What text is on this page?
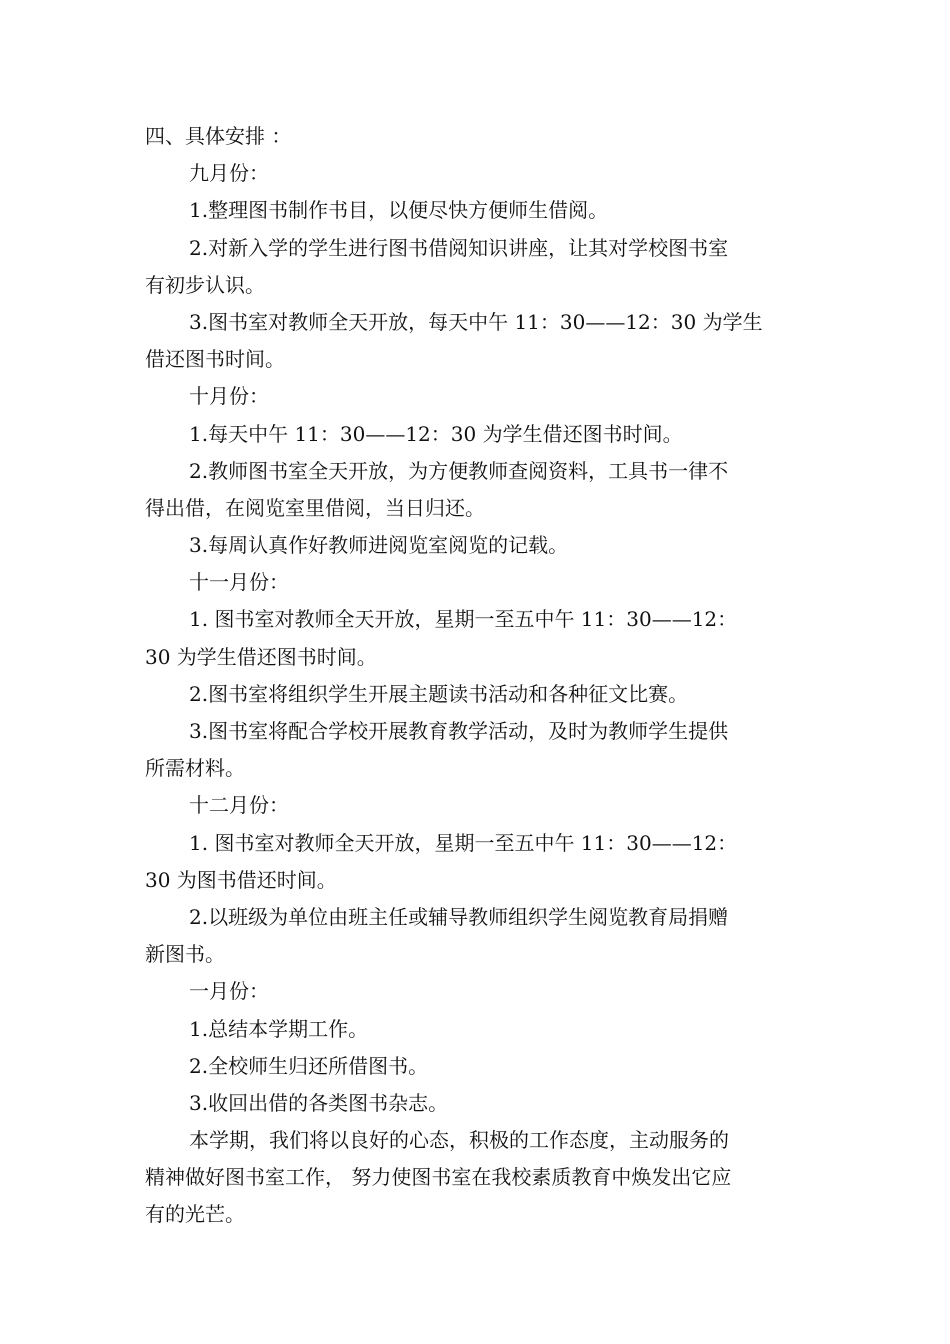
四、具体安排 ：
九月份：
1.整理图书制作书目，以便尽快方便师生借阅。
2.对新入学的学生进行图书借阅知识讲座，让其对学校图书室
有初步认识。
3.图书室对教师全天开放，每天中午 11：30——12：30 为学生
借还图书时间。
十月份：
1.每天中午 11：30——12：30 为学生借还图书时间。
2.教师图书室全天开放，为方便教师查阅资料，工具书一律不
得出借，在阅览室里借阅，当日归还。
3.每周认真作好教师进阅览室阅览的记载。
十一月份：
1. 图书室对教师全天开放，星期一至五中午 11：30——12：
30 为学生借还图书时间。
2.图书室将组织学生开展主题读书活动和各种征文比赛。
3.图书室将配合学校开展教育教学活动，及时为教师学生提供
所需材料。
十二月份：
1. 图书室对教师全天开放，星期一至五中午 11：30——12：
30 为图书借还时间。
2.以班级为单位由班主任或辅导教师组织学生阅览教育局捐赠
新图书。
一月份：
1.总结本学期工作。
2.全校师生归还所借图书。
3.收回出借的各类图书杂志。
本学期，我们将以良好的心态，积极的工作态度，主动服务的
精神做好图书室工作， 努力使图书室在我校素质教育中焕发出它应
有的光芒。
